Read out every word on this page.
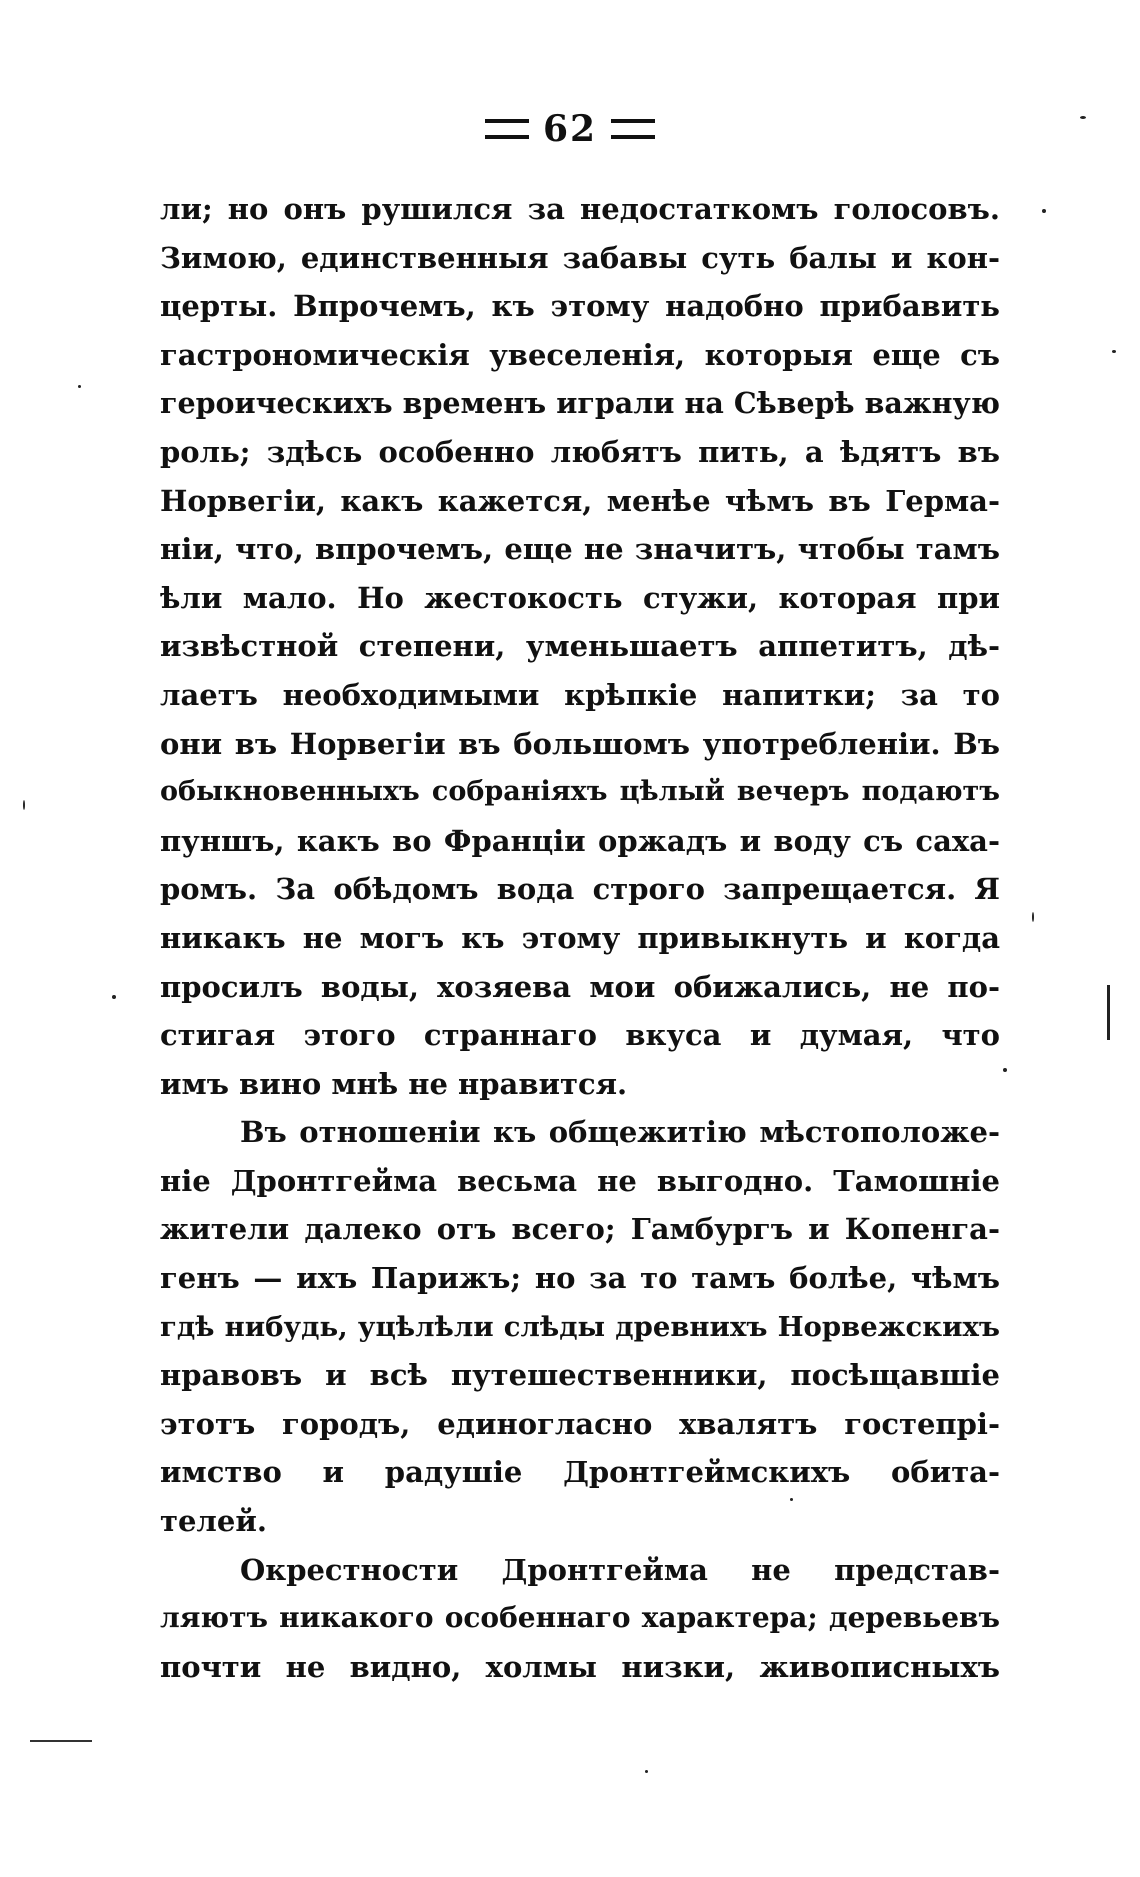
62
ли; но онъ рушился за недостаткомъ голосовъ.
Зимою, единственныя забавы суть балы и кон-
церты. Впрочемъ, къ этому надобно прибавить
гастрономическія увеселенія, которыя еще съ
героическихъ временъ играли на Сѣверѣ важную
роль; здѣсь особенно любятъ пить, а ѣдятъ въ
Норвегіи, какъ кажется, менѣе чѣмъ въ Герма-
ніи, что, впрочемъ, еще не значитъ, чтобы тамъ
ѣли мало. Но жестокость стужи, которая при
извѣстной степени, уменьшаетъ аппетитъ, дѣ-
лаетъ необходимыми крѣпкіе напитки; за то
они въ Норвегіи въ большомъ употребленіи. Въ
обыкновенныхъ собраніяхъ цѣлый вечеръ подаютъ
пуншъ, какъ во Франціи оржадъ и воду съ саха-
ромъ. За обѣдомъ вода строго запрещается. Я
никакъ не могъ къ этому привыкнуть и когда
просилъ воды, хозяева мои обижались, не по-
стигая этого страннаго вкуса и думая, что
имъ вино мнѣ не нравится.
Въ отношеніи къ общежитію мѣстоположе-
ніе Дронтгейма весьма не выгодно. Тамошніе
жители далеко отъ всего; Гамбургъ и Копенга-
генъ — ихъ Парижъ; но за то тамъ болѣе, чѣмъ
гдѣ нибудь, уцѣлѣли слѣды древнихъ Норвежскихъ
нравовъ и всѣ путешественники, посѣщавшіе
этотъ городъ, единогласно хвалятъ гостепрі-
имство и радушіе Дронтгеймскихъ обита-
телей.
Окрестности Дронтгейма не представ-
ляютъ никакого особеннаго характера; деревьевъ
почти не видно, холмы низки, живописныхъ
